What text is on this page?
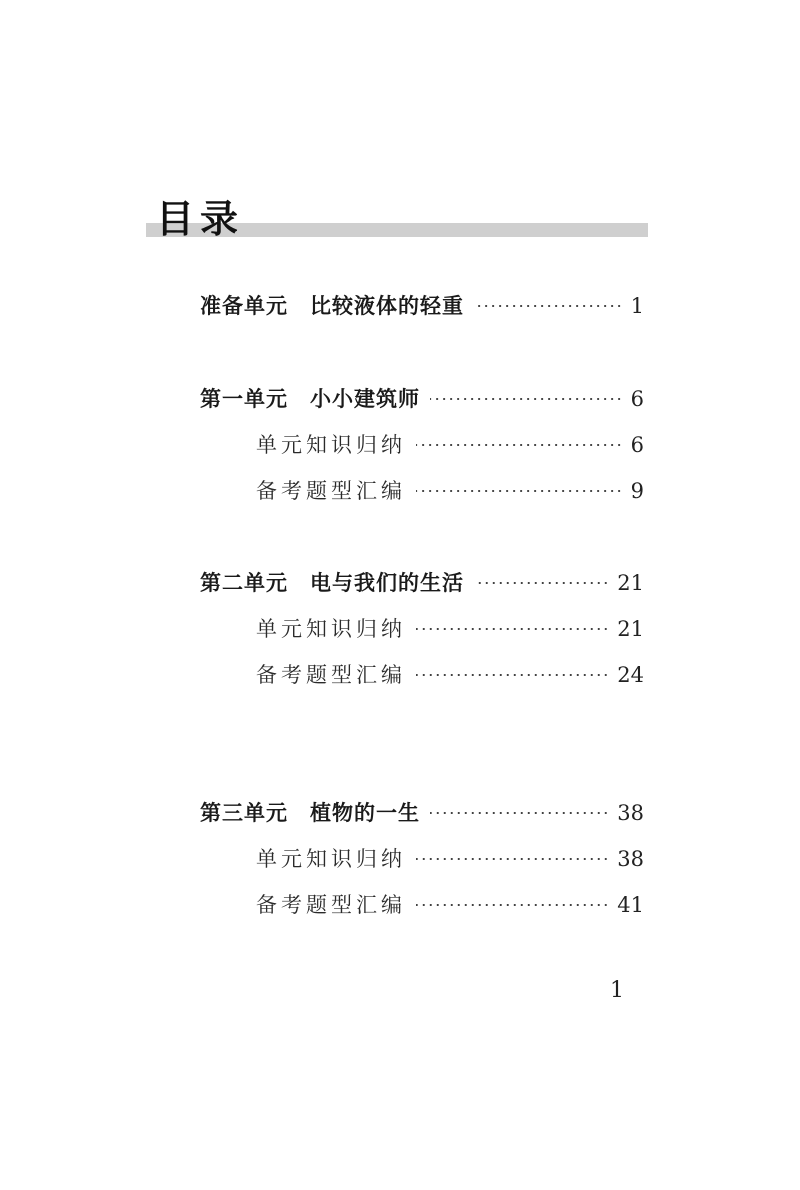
目录
准备单元　比较液体的轻重	1
第一单元　小小建筑师	6
单元知识归纳	6
备考题型汇编	9
第二单元　电与我们的生活	21
单元知识归纳	21
备考题型汇编	24
第三单元　植物的一生	38
单元知识归纳	38
备考题型汇编	41
1
